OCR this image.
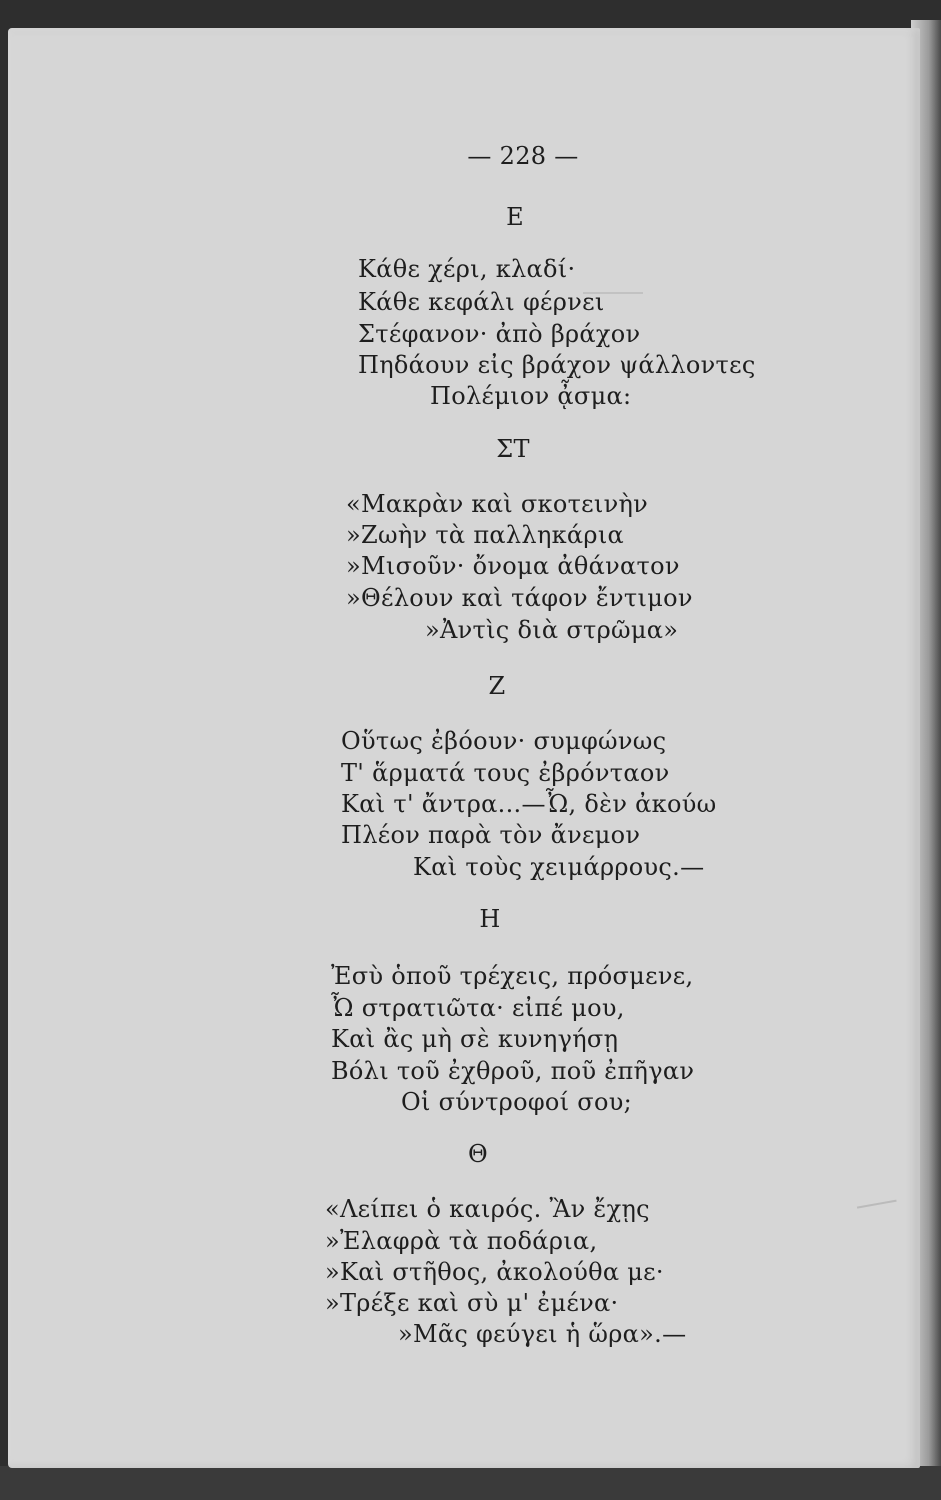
— 228 —
Ε
Κάθε χέρι, κλαδί·
Κάθε κεφάλι φέρνει
Στέφανον· ἀπὸ βράχον
Πηδάουν εἰς βράχον ψάλλοντες
Πολέμιον ᾆσμα:
ΣΤ
«Μακρὰν καὶ σκοτεινὴν
»Ζωὴν τὰ παλληκάρια
»Μισοῦν· ὄνομα ἀθάνατον
»Θέλουν καὶ τάφον ἔντιμον
»Ἀντὶς διὰ στρῶμα»
Ζ
Οὕτως ἐβόουν· συμφώνως
Τ' ἅρματά τους ἐβρόνταον
Καὶ τ' ἄντρα...—Ὦ, δὲν ἀκούω
Πλέον παρὰ τὸν ἄνεμον
Καὶ τοὺς χειμάρρους.—
Η
Ἐσὺ ὁποῦ τρέχεις, πρόσμενε,
Ὦ στρατιῶτα· εἰπέ μου,
Καὶ ἂς μὴ σὲ κυνηγήσῃ
Βόλι τοῦ ἐχθροῦ, ποῦ ἐπῆγαν
Οἱ σύντροφοί σου;
Θ
«Λείπει ὁ καιρός. Ἂν ἔχῃς
»Ἐλαφρὰ τὰ ποδάρια,
»Καὶ στῆθος, ἀκολούθα με·
»Τρέξε καὶ σὺ μ' ἐμένα·
»Μᾶς φεύγει ἡ ὥρα».—
